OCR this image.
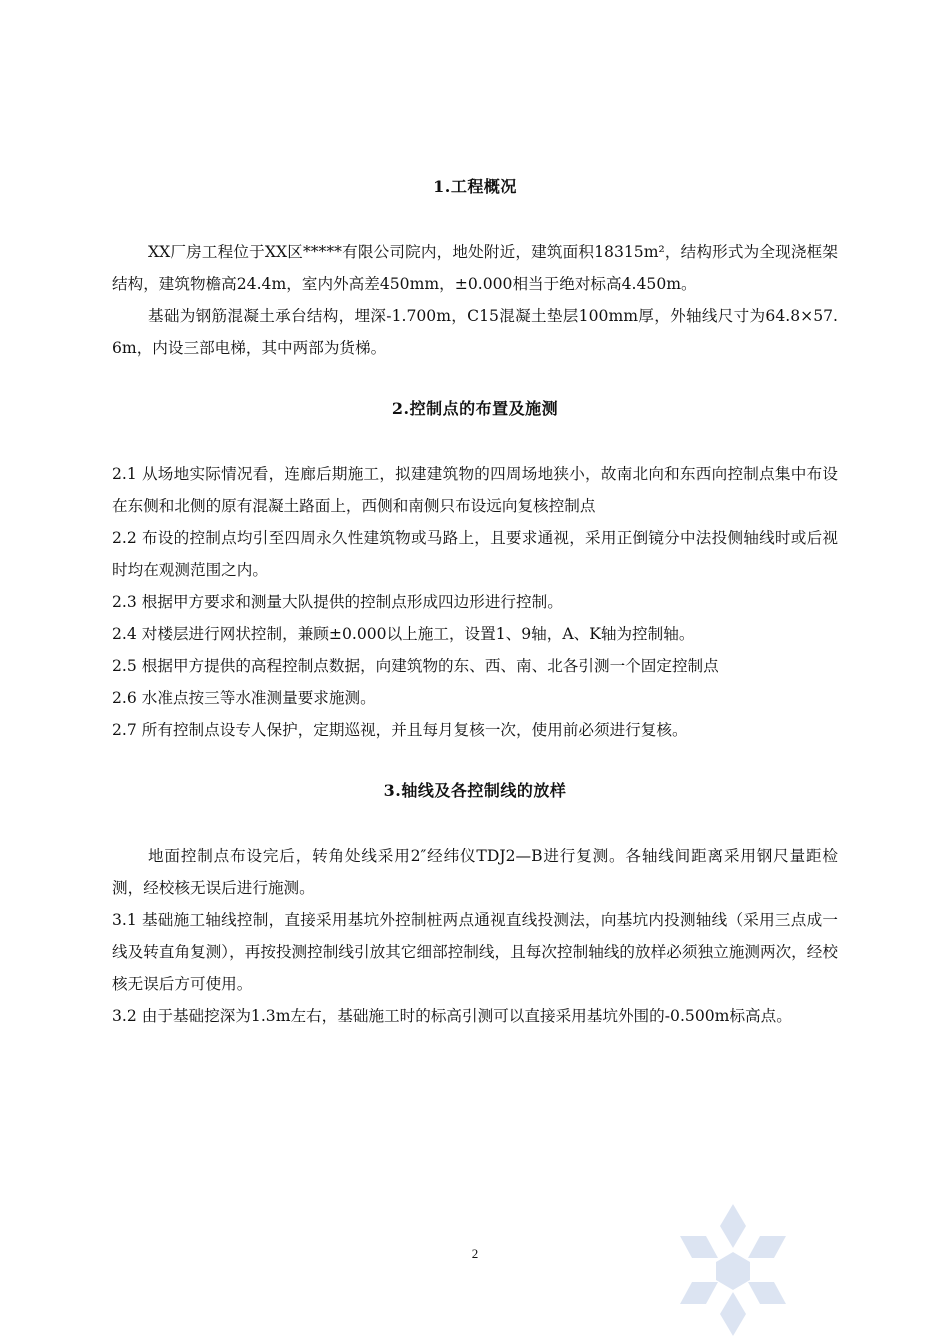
1.工程概况

XX厂房工程位于XX区*****有限公司院内，地处附近，建筑面积18315m²，结构形式为全现浇框架结构，建筑物檐高24.4m，室内外高差450mm，±0.000相当于绝对标高4.450m。

基础为钢筋混凝土承台结构，埋深-1.700m，C15混凝土垫层100mm厚，外轴线尺寸为64.8×57.6m，内设三部电梯，其中两部为货梯。

2.控制点的布置及施测

2.1 从场地实际情况看，连廊后期施工，拟建建筑物的四周场地狭小，故南北向和东西向控制点集中布设在东侧和北侧的原有混凝土路面上，西侧和南侧只布设远向复核控制点

2.2 布设的控制点均引至四周永久性建筑物或马路上，且要求通视，采用正倒镜分中法投侧轴线时或后视时均在观测范围之内。

2.3 根据甲方要求和测量大队提供的控制点形成四边形进行控制。

2.4 对楼层进行网状控制，兼顾±0.000以上施工，设置1、9轴，A、K轴为控制轴。

2.5 根据甲方提供的高程控制点数据，向建筑物的东、西、南、北各引测一个固定控制点

2.6 水准点按三等水准测量要求施测。

2.7 所有控制点设专人保护，定期巡视，并且每月复核一次，使用前必须进行复核。

3.轴线及各控制线的放样

地面控制点布设完后，转角处线采用2″经纬仪TDJ2—B进行复测。各轴线间距离采用钢尺量距检测，经校核无误后进行施测。

3.1 基础施工轴线控制，直接采用基坑外控制桩两点通视直线投测法，向基坑内投测轴线（采用三点成一线及转直角复测），再按投测控制线引放其它细部控制线，且每次控制轴线的放样必须独立施测两次，经校核无误后方可使用。

3.2 由于基础挖深为1.3m左右，基础施工时的标高引测可以直接采用基坑外围的-0.500m标高点。

2
